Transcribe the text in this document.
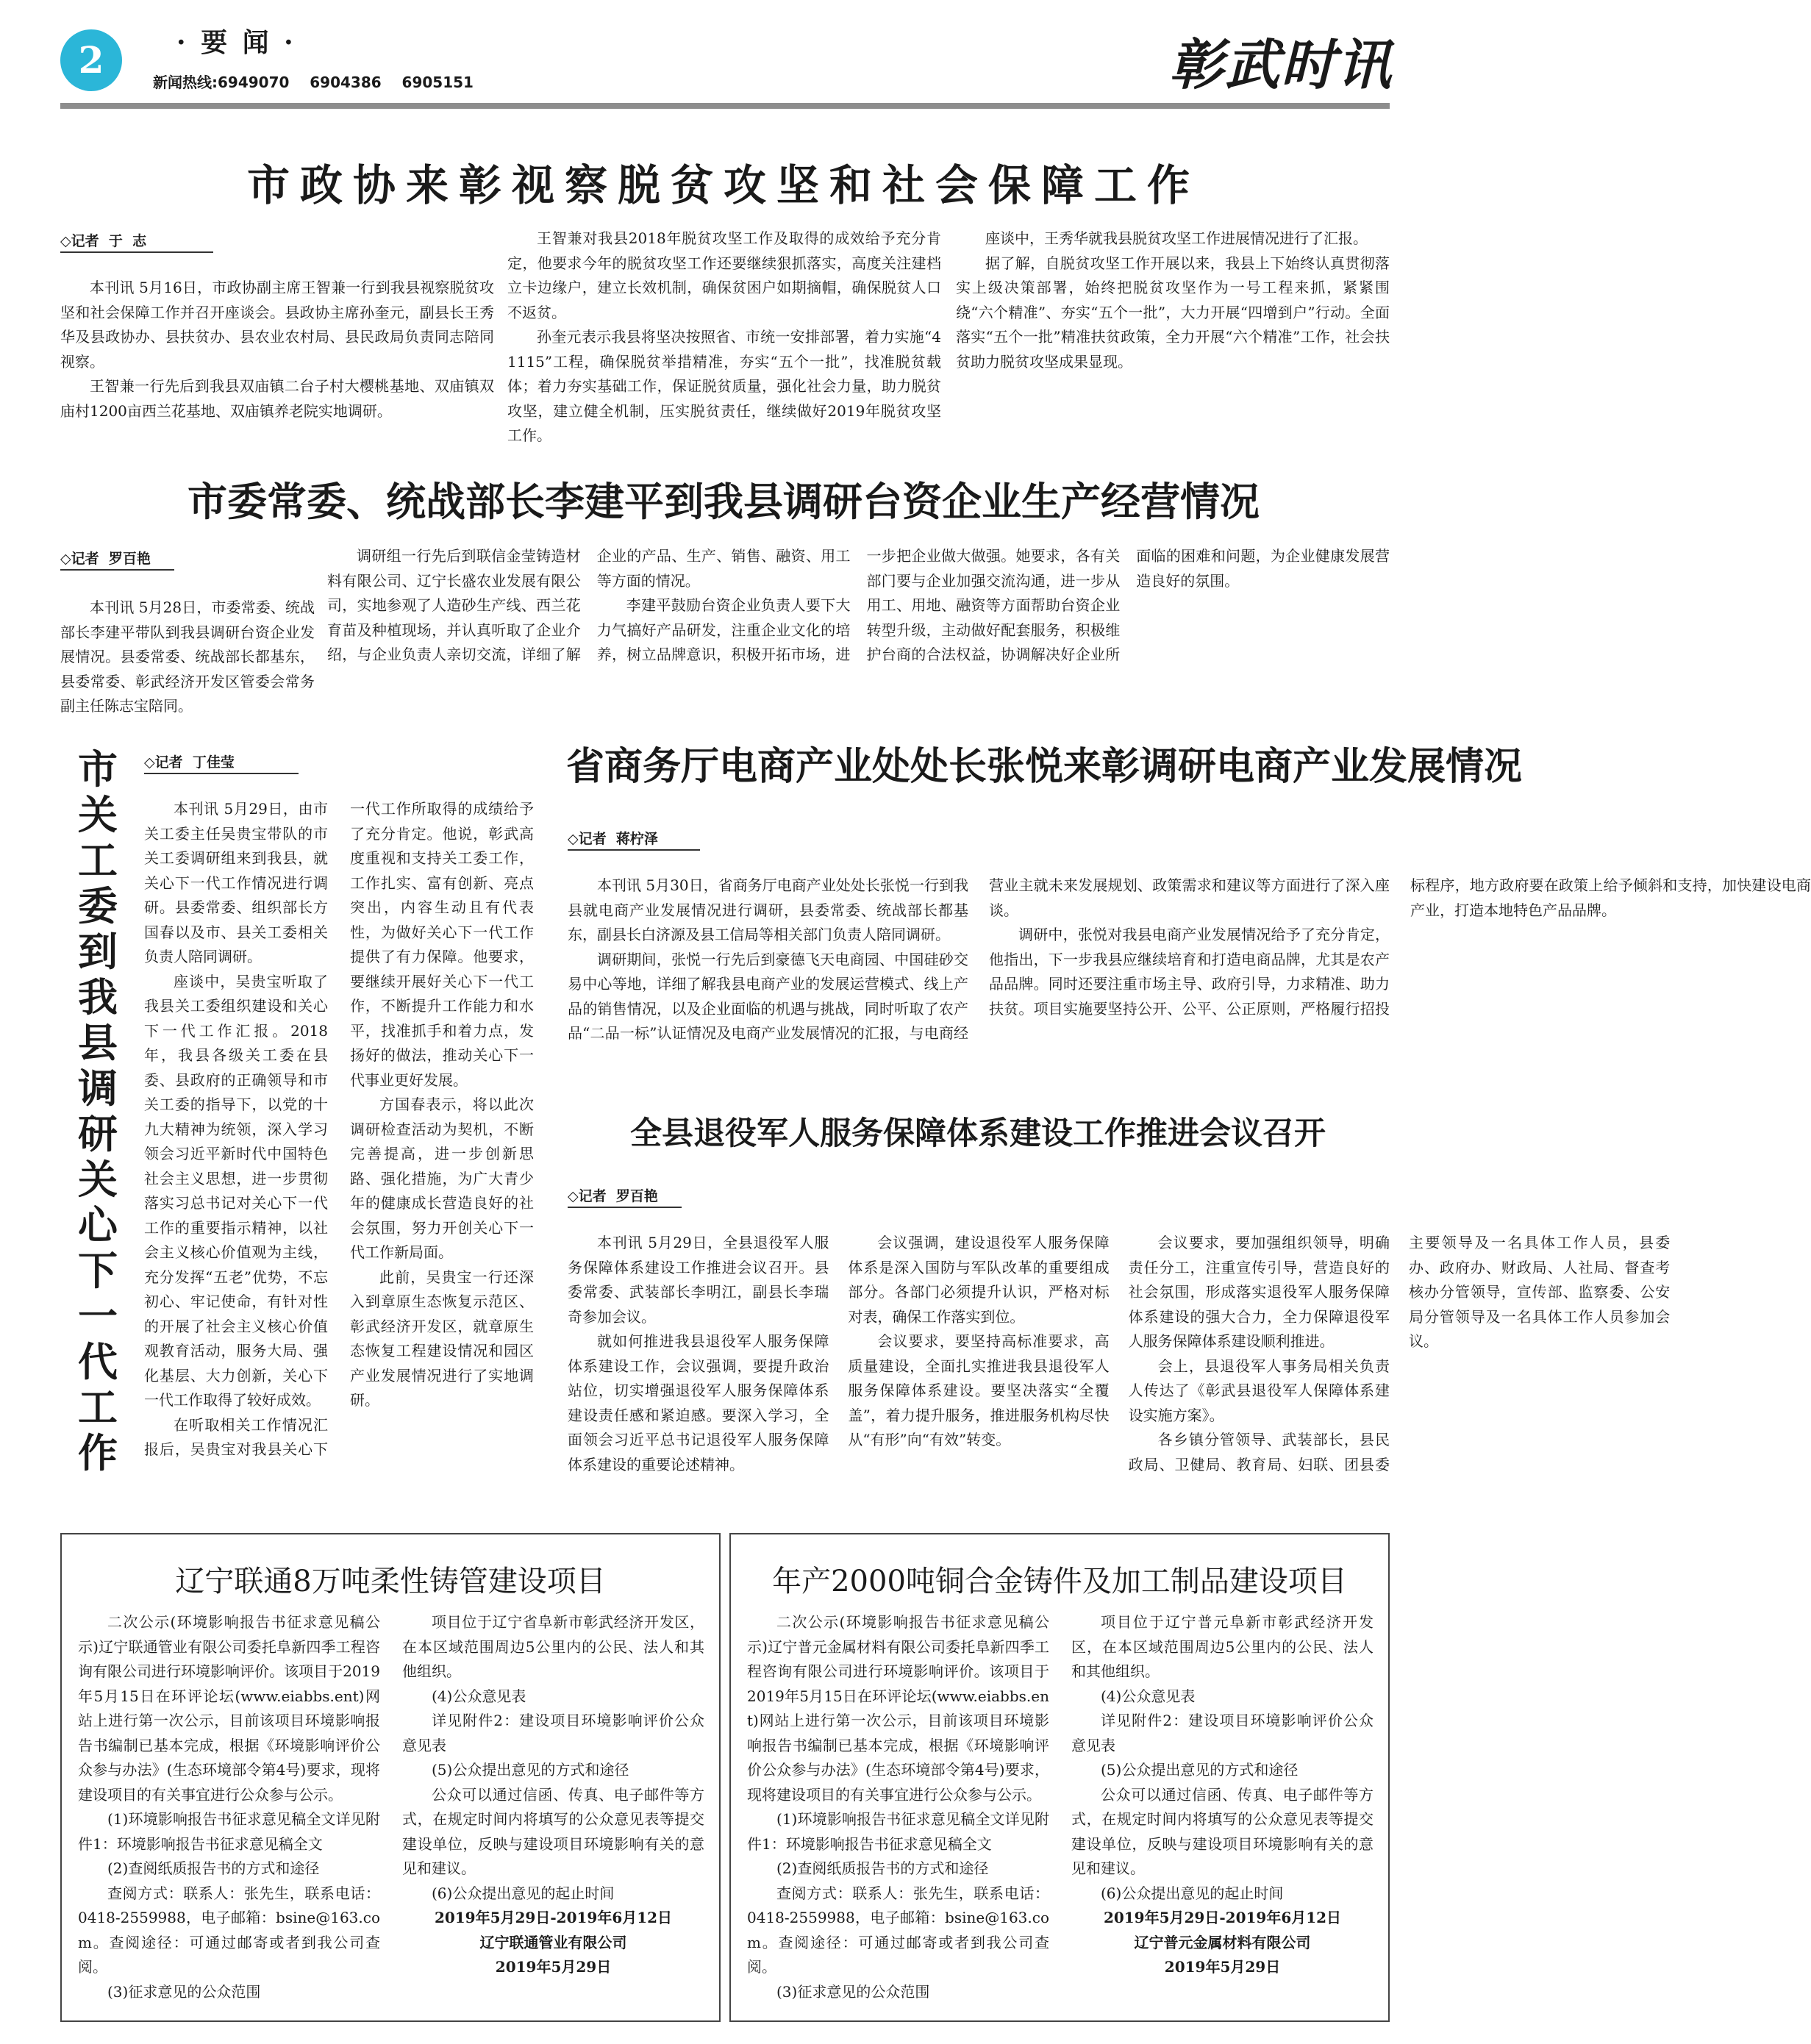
2	· 要 闻 ·
新闻热线:6949070    6904386    6905151	彰武时讯
市政协来彰视察脱贫攻坚和社会保障工作
◇记者  于  志

本刊讯 5月16日，市政协副主席王智兼一行到我县视察脱贫攻坚和社会保障工作并召开座谈会。县政协主席孙奎元，副县长王秀华及县政协办、县扶贫办、县农业农村局、县民政局负责同志陪同视察。

王智兼一行先后到我县双庙镇二台子村大樱桃基地、双庙镇双庙村1200亩西兰花基地、双庙镇养老院实地调研。

王智兼对我县2018年脱贫攻坚工作及取得的成效给予充分肯定，他要求今年的脱贫攻坚工作还要继续狠抓落实，高度关注建档立卡边缘户，建立长效机制，确保贫困户如期摘帽，确保脱贫人口不返贫。

孙奎元表示我县将坚决按照省、市统一安排部署，着力实施“41115”工程，确保脱贫举措精准，夯实“五个一批”，找准脱贫载体；着力夯实基础工作，保证脱贫质量，强化社会力量，助力脱贫攻坚，建立健全机制，压实脱贫责任，继续做好2019年脱贫攻坚工作。

座谈中，王秀华就我县脱贫攻坚工作进展情况进行了汇报。

据了解，自脱贫攻坚工作开展以来，我县上下始终认真贯彻落实上级决策部署，始终把脱贫攻坚作为一号工程来抓，紧紧围绕“六个精准”、夯实“五个一批”，大力开展“四增到户”行动。全面落实“五个一批”精准扶贫政策，全力开展“六个精准”工作，社会扶贫助力脱贫攻坚成果显现。

市委常委、统战部长李建平到我县调研台资企业生产经营情况
◇记者  罗百艳

本刊讯 5月28日，市委常委、统战部长李建平带队到我县调研台资企业发展情况。县委常委、统战部长都基东，县委常委、彰武经济开发区管委会常务副主任陈志宝陪同。

调研组一行先后到联信金莹铸造材料有限公司、辽宁长盛农业发展有限公司，实地参观了人造砂生产线、西兰花育苗及种植现场，并认真听取了企业介绍，与企业负责人亲切交流，详细了解企业的产品、生产、销售、融资、用工等方面的情况。

李建平鼓励台资企业负责人要下大力气搞好产品研发，注重企业文化的培养，树立品牌意识，积极开拓市场，进一步把企业做大做强。她要求，各有关部门要与企业加强交流沟通，进一步从用工、用地、融资等方面帮助台资企业转型升级，主动做好配套服务，积极维护台商的合法权益，协调解决好企业所面临的困难和问题，为企业健康发展营造良好的氛围。

市关工委到我县调研关心下一代工作
◇记者  丁佳莹

本刊讯 5月29日，由市关工委主任吴贵宝带队的市关工委调研组来到我县，就关心下一代工作情况进行调研。县委常委、组织部长方国春以及市、县关工委相关负责人陪同调研。

座谈中，吴贵宝听取了我县关工委组织建设和关心下一代工作汇报。2018年，我县各级关工委在县委、县政府的正确领导和市关工委的指导下，以党的十九大精神为统领，深入学习领会习近平新时代中国特色社会主义思想，进一步贯彻落实习总书记对关心下一代工作的重要指示精神，以社会主义核心价值观为主线，充分发挥“五老”优势，不忘初心、牢记使命，有针对性的开展了社会主义核心价值观教育活动，服务大局、强化基层、大力创新，关心下一代工作取得了较好成效。

在听取相关工作情况汇报后，吴贵宝对我县关心下一代工作所取得的成绩给予了充分肯定。他说，彰武高度重视和支持关工委工作，工作扎实、富有创新、亮点突出，内容生动且有代表性，为做好关心下一代工作提供了有力保障。他要求，要继续开展好关心下一代工作，不断提升工作能力和水平，找准抓手和着力点，发扬好的做法，推动关心下一代事业更好发展。

方国春表示，将以此次调研检查活动为契机，不断完善提高，进一步创新思路、强化措施，为广大青少年的健康成长营造良好的社会氛围，努力开创关心下一代工作新局面。

此前，吴贵宝一行还深入到章原生态恢复示范区、彰武经济开发区，就章原生态恢复工程建设情况和园区产业发展情况进行了实地调研。

省商务厅电商产业处处长张悦来彰调研电商产业发展情况
◇记者  蒋柠泽

本刊讯 5月30日，省商务厅电商产业处处长张悦一行到我县就电商产业发展情况进行调研，县委常委、统战部长都基东，副县长白济源及县工信局等相关部门负责人陪同调研。

调研期间，张悦一行先后到豪德飞天电商园、中国硅砂交易中心等地，详细了解我县电商产业的发展运营模式、线上产品的销售情况，以及企业面临的机遇与挑战，同时听取了农产品“二品一标”认证情况及电商产业发展情况的汇报，与电商经营业主就未来发展规划、政策需求和建议等方面进行了深入座谈。

调研中，张悦对我县电商产业发展情况给予了充分肯定，他指出，下一步我县应继续培育和打造电商品牌，尤其是农产品品牌。同时还要注重市场主导、政府引导，力求精准、助力扶贫。项目实施要坚持公开、公平、公正原则，严格履行招投标程序，地方政府要在政策上给予倾斜和支持，加快建设电商产业，打造本地特色产品品牌。

全县退役军人服务保障体系建设工作推进会议召开
◇记者  罗百艳

本刊讯 5月29日，全县退役军人服务保障体系建设工作推进会议召开。县委常委、武装部长李明江，副县长李瑞奇参加会议。

就如何推进我县退役军人服务保障体系建设工作，会议强调，要提升政治站位，切实增强退役军人服务保障体系建设责任感和紧迫感。要深入学习，全面领会习近平总书记退役军人服务保障体系建设的重要论述精神。

会议强调，建设退役军人服务保障体系是深入国防与军队改革的重要组成部分。各部门必须提升认识，严格对标对表，确保工作落实到位。

会议要求，要坚持高标准要求，高质量建设，全面扎实推进我县退役军人服务保障体系建设。要坚决落实“全覆盖”，着力提升服务，推进服务机构尽快从“有形”向“有效”转变。

会议要求，要加强组织领导，明确责任分工，注重宣传引导，营造良好的社会氛围，形成落实退役军人服务保障体系建设的强大合力，全力保障退役军人服务保障体系建设顺利推进。

会上，县退役军人事务局相关负责人传达了《彰武县退役军人保障体系建设实施方案》。

各乡镇分管领导、武装部长，县民政局、卫健局、教育局、妇联、团县委主要领导及一名具体工作人员，县委办、政府办、财政局、人社局、督查考核办分管领导，宣传部、监察委、公安局分管领导及一名具体工作人员参加会议。

辽宁联通8万吨柔性铸管建设项目

二次公示(环境影响报告书征求意见稿公示)辽宁联通管业有限公司委托阜新四季工程咨询有限公司进行环境影响评价。该项目于2019年5月15日在环评论坛(www.eiabbs.ent)网站上进行第一次公示，目前该项目环境影响报告书编制已基本完成，根据《环境影响评价公众参与办法》(生态环境部令第4号)要求，现将建设项目的有关事宜进行公众参与公示。

(1)环境影响报告书征求意见稿全文详见附件1：环境影响报告书征求意见稿全文

(2)查阅纸质报告书的方式和途径

查阅方式：联系人：张先生，联系电话：0418-2559988，电子邮箱：bsine@163.com。查阅途径：可通过邮寄或者到我公司查阅。

(3)征求意见的公众范围

项目位于辽宁省阜新市彰武经济开发区，在本区域范围周边5公里内的公民、法人和其他组织。

(4)公众意见表

详见附件2：建设项目环境影响评价公众意见表

(5)公众提出意见的方式和途径

公众可以通过信函、传真、电子邮件等方式，在规定时间内将填写的公众意见表等提交建设单位，反映与建设项目环境影响有关的意见和建议。

(6)公众提出意见的起止时间

2019年5月29日-2019年6月12日

辽宁联通管业有限公司

2019年5月29日

年产2000吨铜合金铸件及加工制品建设项目

二次公示(环境影响报告书征求意见稿公示)辽宁普元金属材料有限公司委托阜新四季工程咨询有限公司进行环境影响评价。该项目于2019年5月15日在环评论坛(www.eiabbs.ent)网站上进行第一次公示，目前该项目环境影响报告书编制已基本完成，根据《环境影响评价公众参与办法》(生态环境部令第4号)要求，现将建设项目的有关事宜进行公众参与公示。

(1)环境影响报告书征求意见稿全文详见附件1：环境影响报告书征求意见稿全文

(2)查阅纸质报告书的方式和途径

查阅方式：联系人：张先生，联系电话：0418-2559988，电子邮箱：bsine@163.com。查阅途径：可通过邮寄或者到我公司查阅。

(3)征求意见的公众范围

项目位于辽宁普元阜新市彰武经济开发区，在本区域范围周边5公里内的公民、法人和其他组织。

(4)公众意见表

详见附件2：建设项目环境影响评价公众意见表

(5)公众提出意见的方式和途径

公众可以通过信函、传真、电子邮件等方式，在规定时间内将填写的公众意见表等提交建设单位，反映与建设项目环境影响有关的意见和建议。

(6)公众提出意见的起止时间

2019年5月29日-2019年6月12日

辽宁普元金属材料有限公司

2019年5月29日
